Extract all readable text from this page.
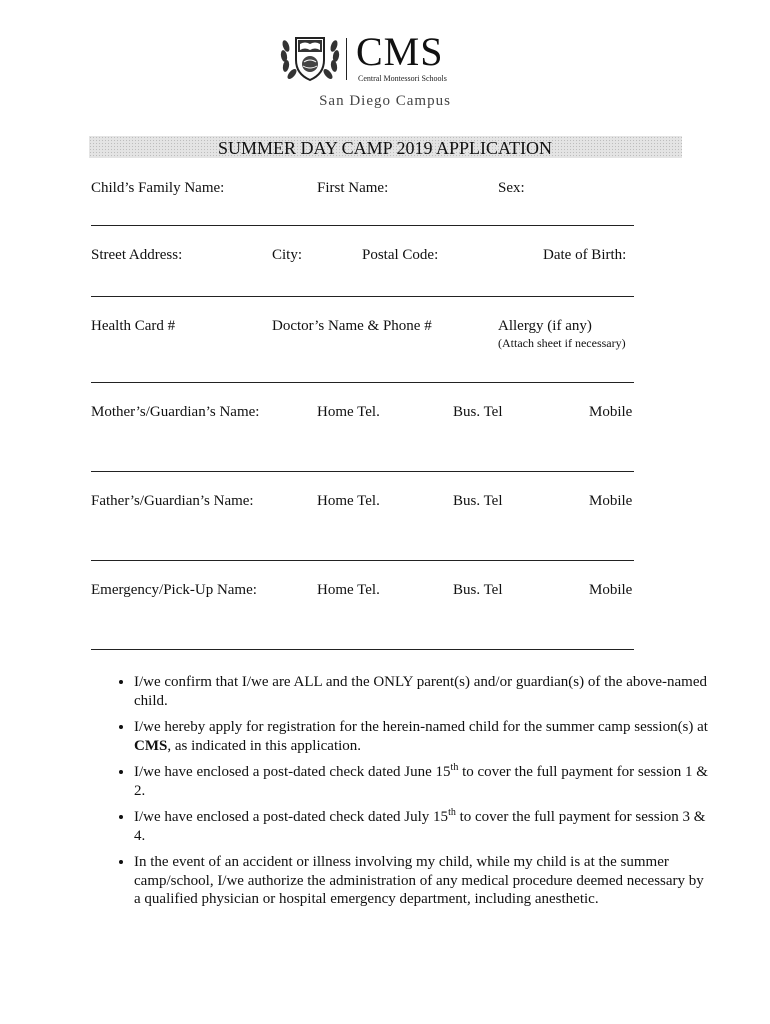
CMS
Central Montessori Schools
San Diego Campus
SUMMER DAY CAMP 2019 APPLICATION
Child’s Family Name:	First Name:	Sex:
Street Address:	City:	Postal Code:	Date of Birth:
Health Card #	Doctor’s Name & Phone #	Allergy (if any)
(Attach sheet if necessary)
Mother’s/Guardian’s Name:	Home Tel.	Bus. Tel	Mobile
Father’s/Guardian’s Name:	Home Tel.	Bus. Tel	Mobile
Emergency/Pick-Up Name:	Home Tel.	Bus. Tel	Mobile
• I/we confirm that I/we are ALL and the ONLY parent(s) and/or guardian(s) of the above-named child.
• I/we hereby apply for registration for the herein-named child for the summer camp session(s) at CMS, as indicated in this application.
• I/we have enclosed a post-dated check dated June 15th to cover the full payment for session 1 & 2.
• I/we have enclosed a post-dated check dated July 15th to cover the full payment for session 3 & 4.
• In the event of an accident or illness involving my child, while my child is at the summer camp/school, I/we authorize the administration of any medical procedure deemed necessary by a qualified physician or hospital emergency department, including anesthetic.
